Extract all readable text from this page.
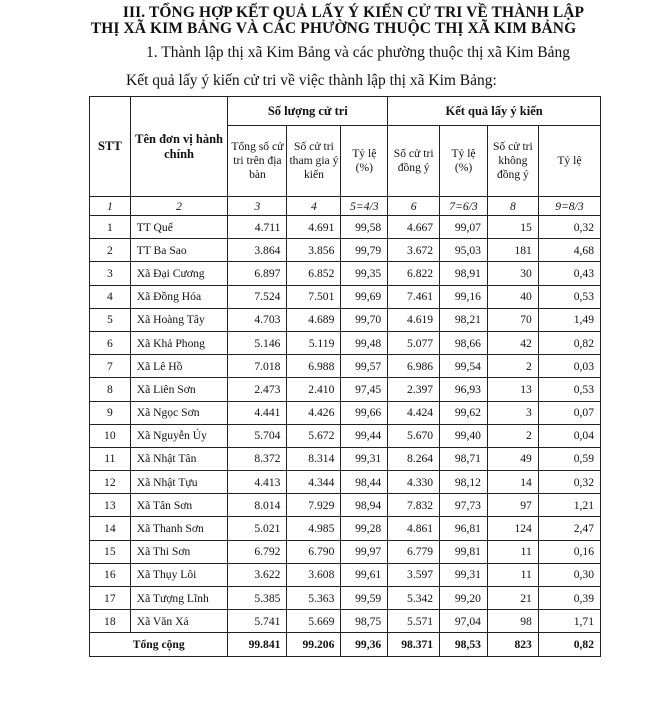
III. TỔNG HỢP KẾT QUẢ LẤY Ý KIẾN CỬ TRI VỀ THÀNH LẬP
THỊ XÃ KIM BẢNG VÀ CÁC PHƯỜNG THUỘC THỊ XÃ KIM BẢNG
1. Thành lập thị xã Kim Bảng và các phường thuộc thị xã Kim Bảng
Kết quả lấy ý kiến cử tri về việc thành lập thị xã Kim Bảng:
STT	Tên đơn vị hành chính	Số lượng cử tri			Kết quả lấy ý kiến			
		Tổng số cử tri trên địa bàn	Số cử tri tham gia ý kiến	Tỷ lệ (%)	Số cử tri đồng ý	Tỷ lệ (%)	Số cử tri không đồng ý	Tỷ lệ
1	2	3	4	5=4/3	6	7=6/3	8	9=8/3
1	TT Quế	4.711	4.691	99,58	4.667	99,07	15	0,32
2	TT Ba Sao	3.864	3.856	99,79	3.672	95,03	181	4,68
3	Xã Đại Cương	6.897	6.852	99,35	6.822	98,91	30	0,43
4	Xã Đồng Hóa	7.524	7.501	99,69	7.461	99,16	40	0,53
5	Xã Hoàng Tây	4.703	4.689	99,70	4.619	98,21	70	1,49
6	Xã Khả Phong	5.146	5.119	99,48	5.077	98,66	42	0,82
7	Xã Lê Hồ	7.018	6.988	99,57	6.986	99,54	2	0,03
8	Xã Liên Sơn	2.473	2.410	97,45	2.397	96,93	13	0,53
9	Xã Ngọc Sơn	4.441	4.426	99,66	4.424	99,62	3	0,07
10	Xã Nguyễn Úy	5.704	5.672	99,44	5.670	99,40	2	0,04
11	Xã Nhật Tân	8.372	8.314	99,31	8.264	98,71	49	0,59
12	Xã Nhật Tựu	4.413	4.344	98,44	4.330	98,12	14	0,32
13	Xã Tân Sơn	8.014	7.929	98,94	7.832	97,73	97	1,21
14	Xã Thanh Sơn	5.021	4.985	99,28	4.861	96,81	124	2,47
15	Xã Thi Sơn	6.792	6.790	99,97	6.779	99,81	11	0,16
16	Xã Thụy Lôi	3.622	3.608	99,61	3.597	99,31	11	0,30
17	Xã Tượng Lĩnh	5.385	5.363	99,59	5.342	99,20	21	0,39
18	Xã Văn Xá	5.741	5.669	98,75	5.571	97,04	98	1,71
Tổng cộng		99.841	99.206	99,36	98.371	98,53	823	0,82
